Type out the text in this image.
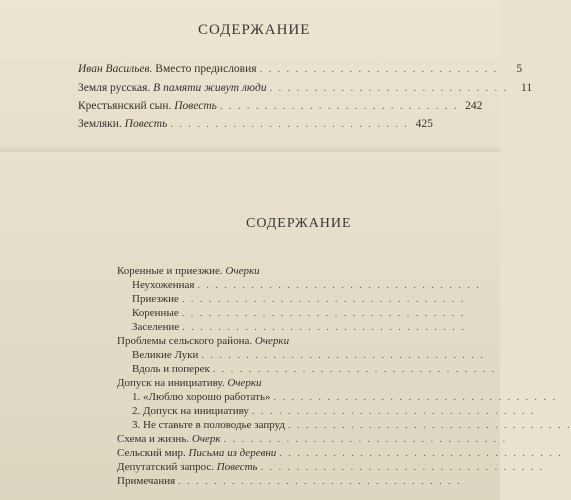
СОДЕРЖАНИЕ
Иван Васильев. Вместо предисловия . . . . . . . . . . . . . . . . . . . . . . . . . . .	5
Земля русская. В памяти живут люди . . . . . . . . . . . . . . . . . . . . . . . . . . .	11
Крестьянский сын. Повесть . . . . . . . . . . . . . . . . . . . . . . . . . . . 242
Земляки. Повесть . . . . . . . . . . . . . . . . . . . . . . . . . . . 425
СОДЕРЖАНИЕ
Коренные и приезжие. Очерки
Неухоженная . . . . . . . . . . . . . . . . . . . . . . . . . . . . . . . .
Приезжие . . . . . . . . . . . . . . . . . . . . . . . . . . . . . . . .
Коренные . . . . . . . . . . . . . . . . . . . . . . . . . . . . . . . .
Заселение . . . . . . . . . . . . . . . . . . . . . . . . . . . . . . . .
Проблемы сельского района. Очерки
Великие Луки . . . . . . . . . . . . . . . . . . . . . . . . . . . . . . . .
Вдоль и поперек . . . . . . . . . . . . . . . . . . . . . . . . . . . . . . . .
Допуск на инициативу. Очерки
1. «Люблю хорошо работать» . . . . . . . . . . . . . . . . . . . . . . . . . . . . . . . .
2. Допуск на инициативу . . . . . . . . . . . . . . . . . . . . . . . . . . . . . . . .
3. Не ставьте в половодье запруд . . . . . . . . . . . . . . . . . . . . . . . . . . . . . . . .
Схема и жизнь. Очерк . . . . . . . . . . . . . . . . . . . . . . . . . . . . . . . .
Сельский мир. Письма из деревни . . . . . . . . . . . . . . . . . . . . . . . . . . . . . . . .
Депутатский запрос. Повесть . . . . . . . . . . . . . . . . . . . . . . . . . . . . . . . .
Примечания . . . . . . . . . . . . . . . . . . . . . . . . . . . . . . . .
